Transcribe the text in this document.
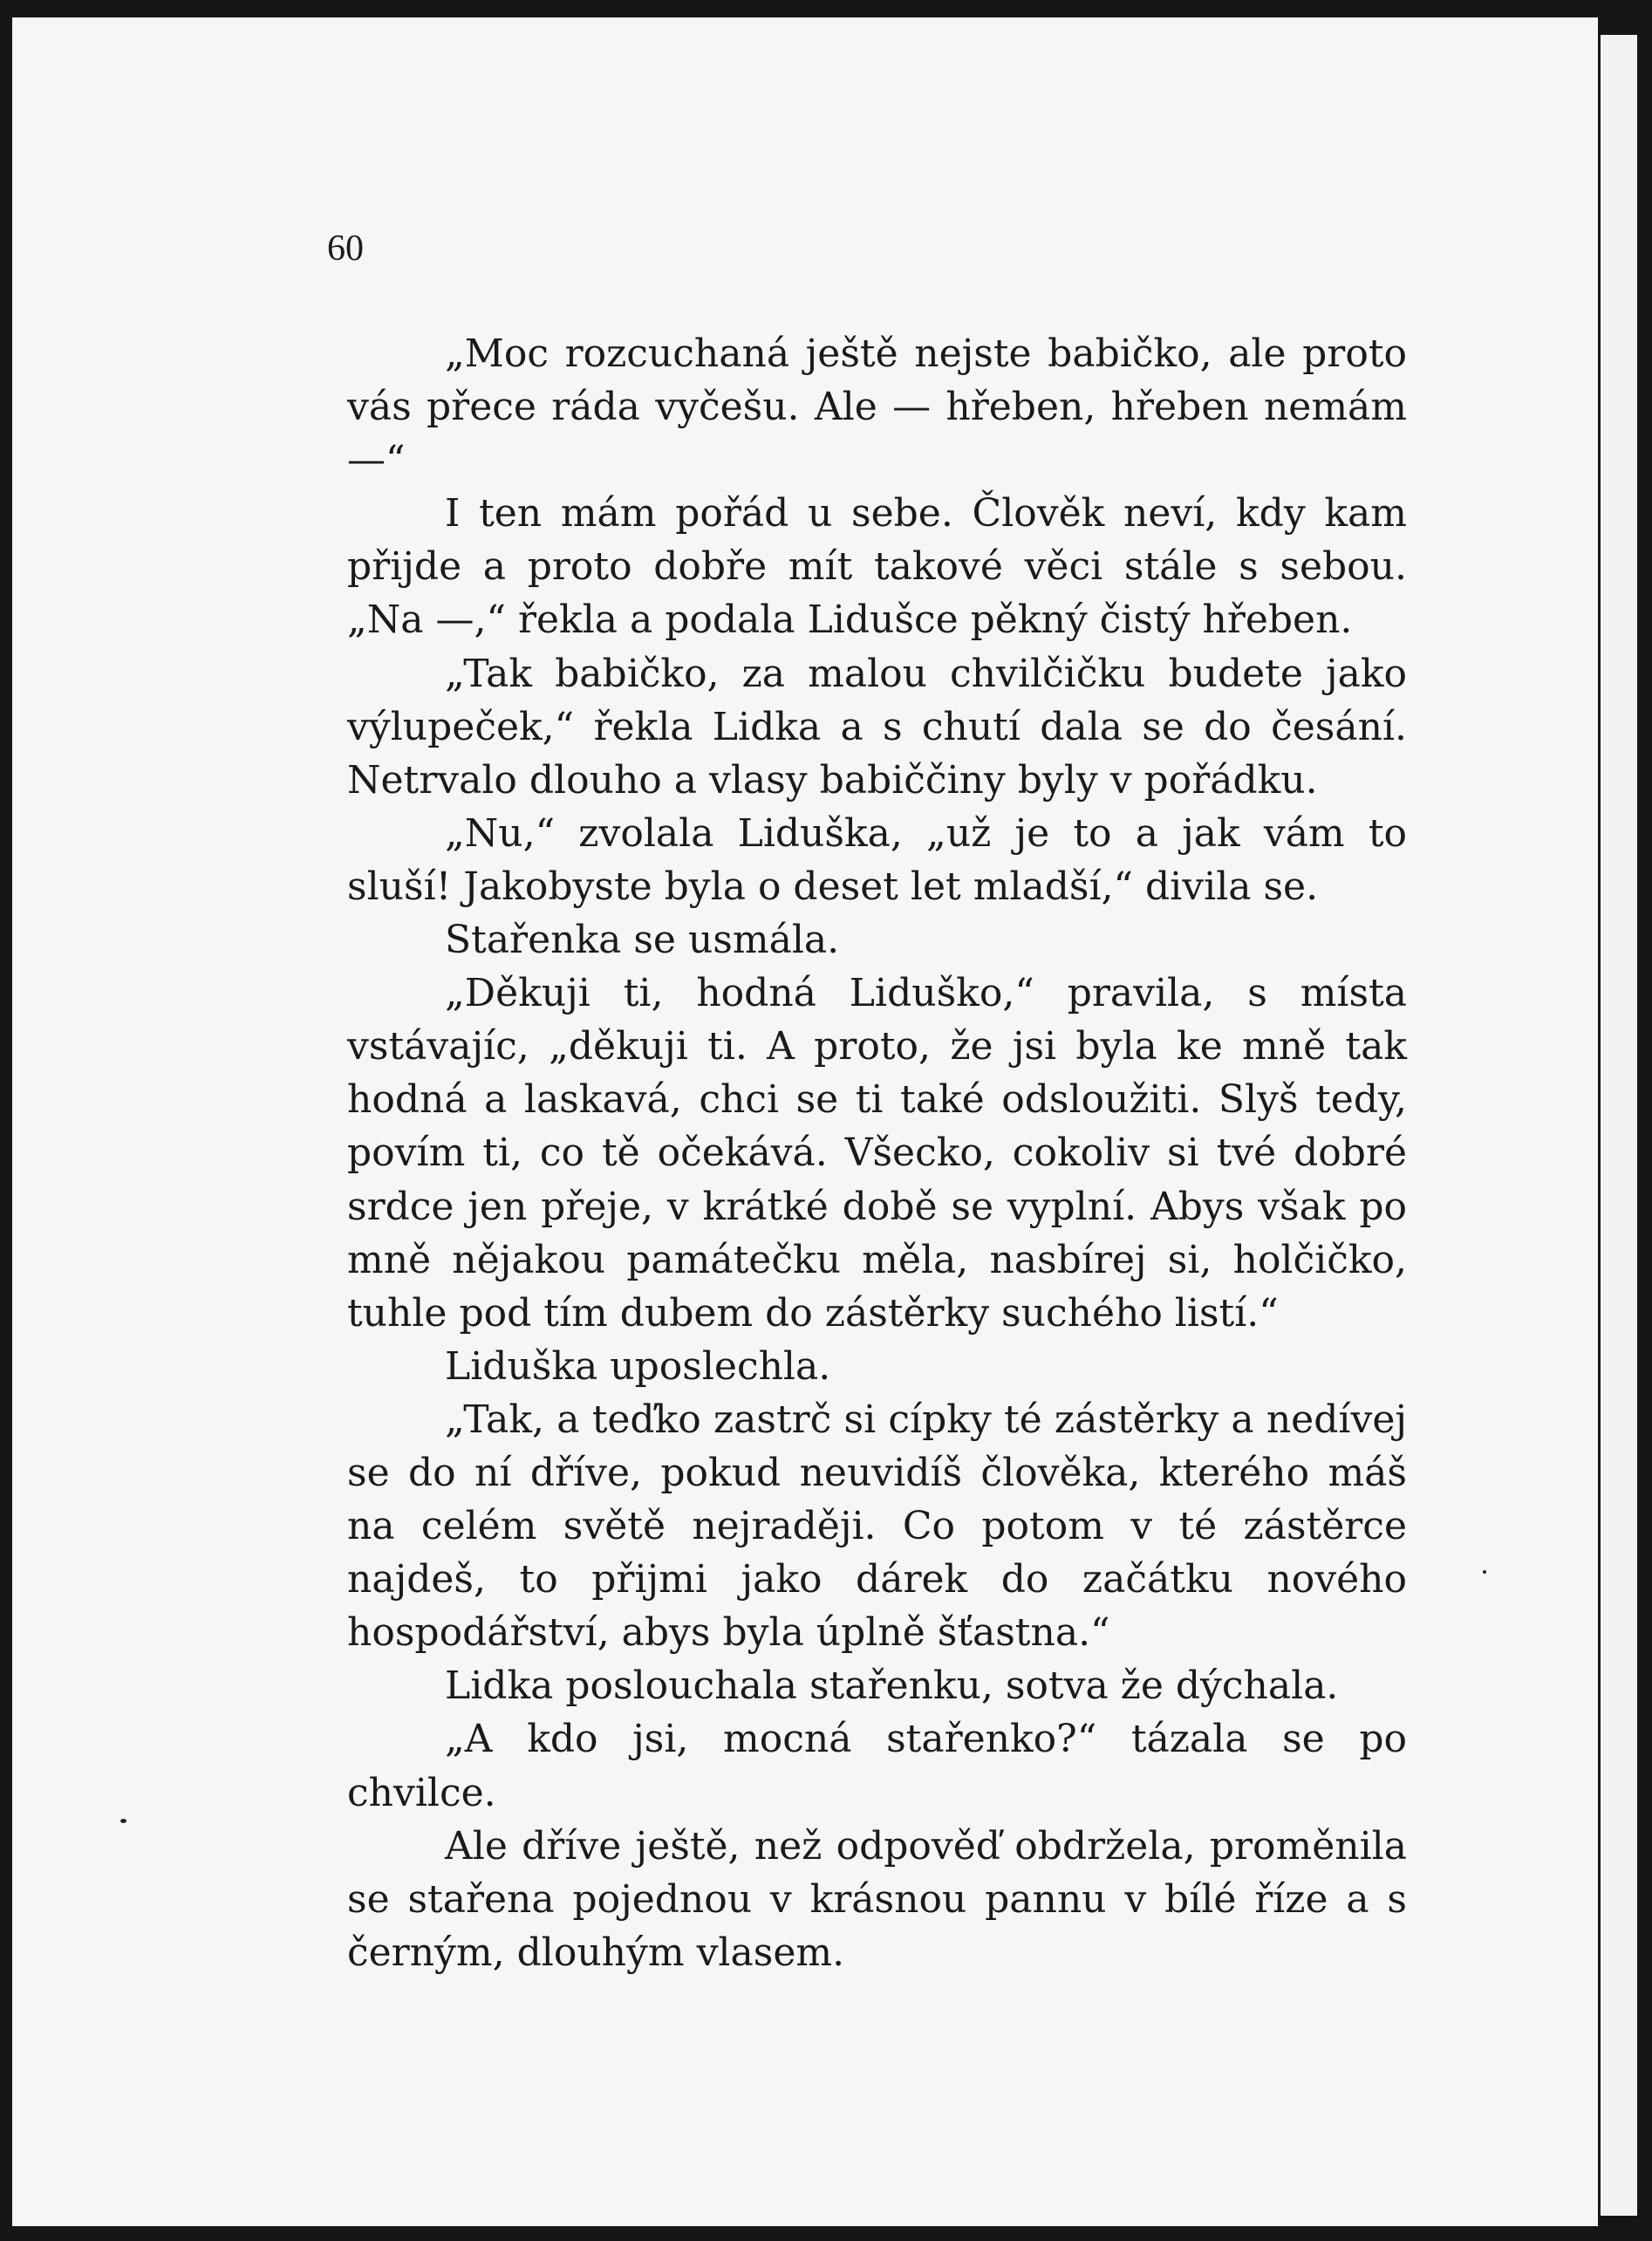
60

„Moc rozcuchaná ještě nejste babičko, ale proto vás přece ráda vyčešu. Ale — hřeben, hřeben nemám —“

I ten mám pořád u sebe. Člověk neví, kdy kam přijde a proto dobře mít takové věci stále s sebou. „Na —,“ řekla a podala Lidušce pěkný čistý hřeben.

„Tak babičko, za malou chvilčičku budete jako výlupeček,“ řekla Lidka a s chutí dala se do česání. Netrvalo dlouho a vlasy babiččiny byly v pořádku.

„Nu,“ zvolala Liduška, „už je to a jak vám to sluší! Jakobyste byla o deset let mladší,“ divila se.

Stařenka se usmála.

„Děkuji ti, hodná Liduško,“ pravila, s místa vstávajíc, „děkuji ti. A proto, že jsi byla ke mně tak hodná a laskavá, chci se ti také odsloužiti. Slyš tedy, povím ti, co tě očekává. Všecko, cokoliv si tvé dobré srdce jen přeje, v krátké době se vyplní. Abys však po mně nějakou památečku měla, nasbírej si, holčičko, tuhle pod tím dubem do zástěrky suchého listí.“

Liduška uposlechla.

„Tak, a teďko zastrč si cípky té zástěrky a nedívej se do ní dříve, pokud neuvidíš člověka, kterého máš na celém světě nejraději. Co potom v té zástěrce najdeš, to přijmi jako dárek do začátku nového hospodářství, abys byla úplně šťastna.“

Lidka poslouchala stařenku, sotva že dýchala.

„A kdo jsi, mocná stařenko?“ tázala se po chvilce.

Ale dříve ještě, než odpověď obdržela, proměnila se stařena pojednou v krásnou pannu v bílé říze a s černým, dlouhým vlasem.
